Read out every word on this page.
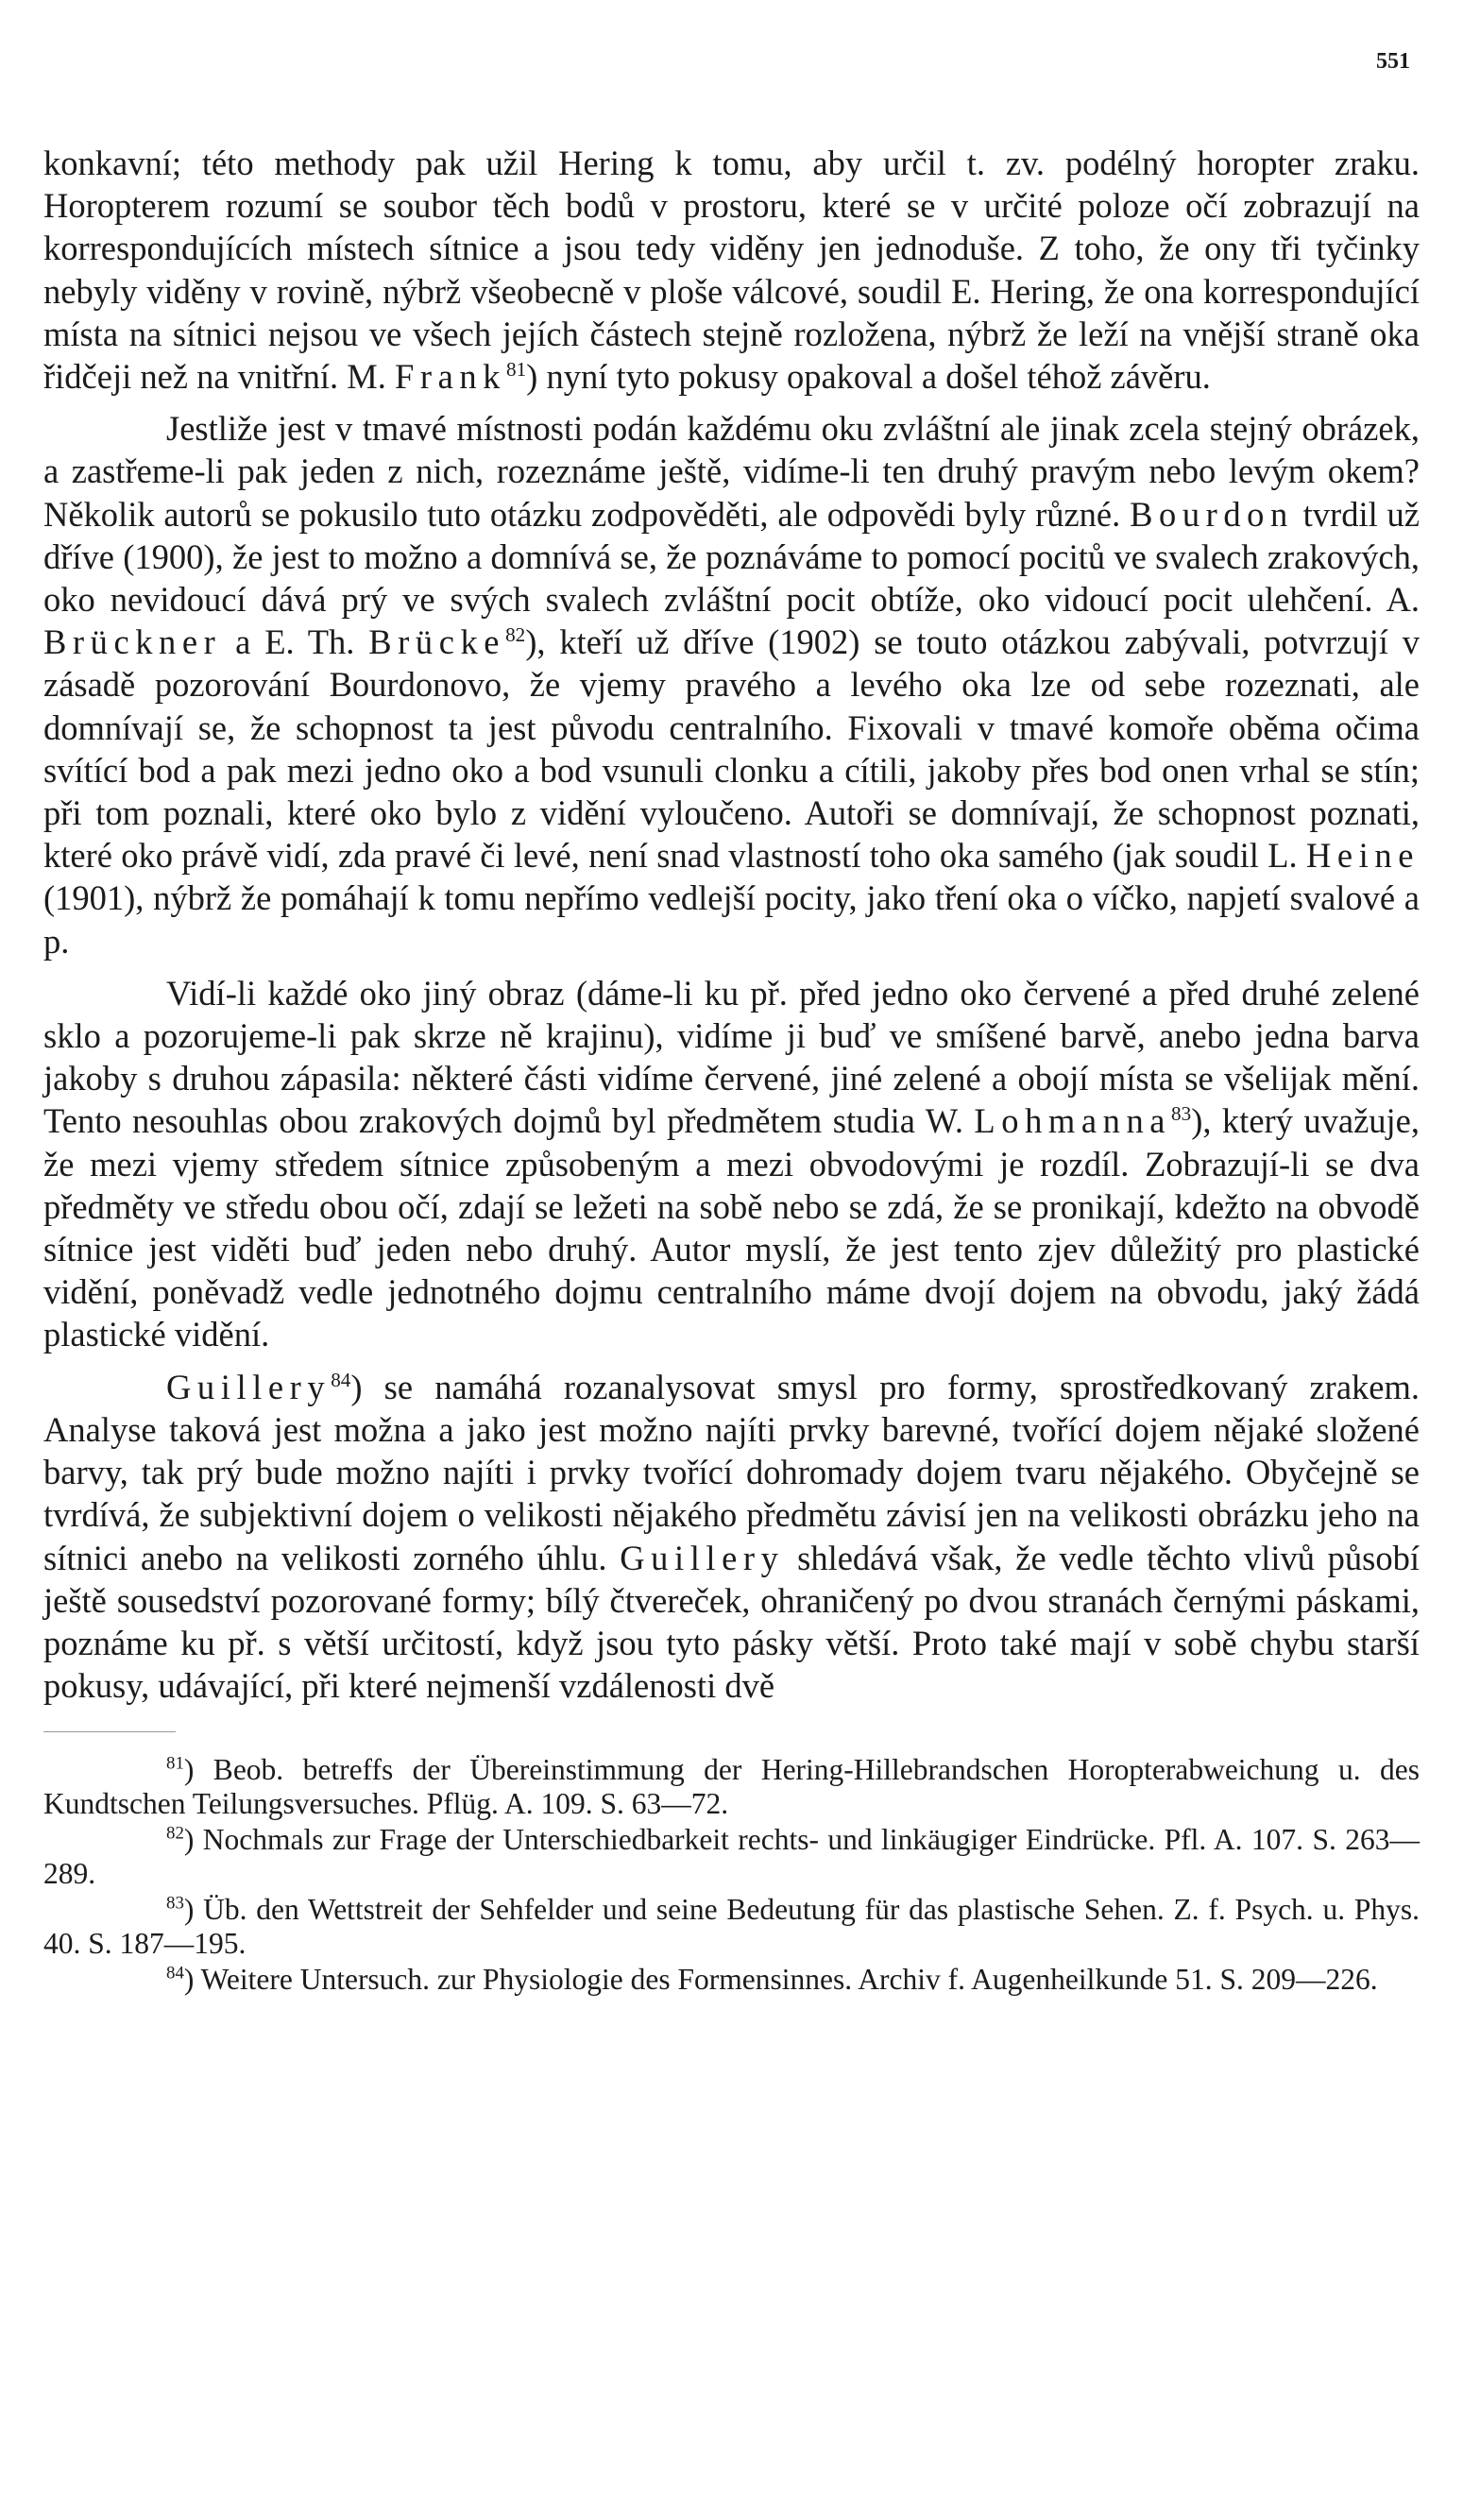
551

konkavní; této methody pak užil Hering k tomu, aby určil t. zv. podélný horopter zraku. Horopterem rozumí se soubor těch bodů v prostoru, které se v určité poloze očí zobrazují na korrespondujících místech sítnice a jsou tedy viděny jen jednoduše. Z toho, že ony tři tyčinky nebyly viděny v rovině, nýbrž všeobecně v ploše válcové, soudil E. Hering, že ona korrespondující místa na sítnici nejsou ve všech jejích částech stejně rozložena, nýbrž že leží na vnější straně oka řidčeji než na vnitřní. M. Frank$^{81}$) nyní tyto pokusy opakoval a došel téhož závěru.

Jestliže jest v tmavé místnosti podán každému oku zvláštní ale jinak zcela stejný obrázek, a zastřeme-li pak jeden z nich, rozeznáme ještě, vidíme-li ten druhý pravým nebo levým okem? Několik autorů se pokusilo tuto otázku zodpověděti, ale odpovědi byly různé. Bourdon tvrdil už dříve (1900), že jest to možno a domnívá se, že poznáváme to pomocí pocitů ve svalech zrakových, oko nevidoucí dává prý ve svých svalech zvláštní pocit obtíže, oko vidoucí pocit ulehčení. A. Brückner a E. Th. Brücke$^{82}$), kteří už dříve (1902) se touto otázkou zabývali, potvrzují v zásadě pozorování Bourdonovo, že vjemy pravého a levého oka lze od sebe rozeznati, ale domnívají se, že schopnost ta jest původu centralního. Fixovali v tmavé komoře oběma očima svítící bod a pak mezi jedno oko a bod vsunuli clonku a cítili, jakoby přes bod onen vrhal se stín; při tom poznali, které oko bylo z vidění vyloučeno. Autoři se domnívají, že schopnost poznati, které oko právě vidí, zda pravé či levé, není snad vlastností toho oka samého (jak soudil L. Heine (1901), nýbrž že pomáhají k tomu nepřímo vedlejší pocity, jako tření oka o víčko, napjetí svalové a p.

Vidí-li každé oko jiný obraz (dáme-li ku př. před jedno oko červené a před druhé zelené sklo a pozorujeme-li pak skrze ně krajinu), vidíme ji buď ve smíšené barvě, anebo jedna barva jakoby s druhou zápasila: některé části vidíme červené, jiné zelené a obojí místa se všelijak mění. Tento nesouhlas obou zrakových dojmů byl předmětem studia W. Lohmanna$^{83}$), který uvažuje, že mezi vjemy středem sítnice způsobeným a mezi obvodovými je rozdíl. Zobrazují-li se dva předměty ve středu obou očí, zdají se ležeti na sobě nebo se zdá, že se pronikají, kdežto na obvodě sítnice jest viděti buď jeden nebo druhý. Autor myslí, že jest tento zjev důležitý pro plastické vidění, poněvadž vedle jednotného dojmu centralního máme dvojí dojem na obvodu, jaký žádá plastické vidění.

Guillery$^{84}$) se namáhá rozanalysovat smysl pro formy, sprostředkovaný zrakem. Analyse taková jest možna a jako jest možno najíti prvky barevné, tvořící dojem nějaké složené barvy, tak prý bude možno najíti i prvky tvořící dohromady dojem tvaru nějakého. Obyčejně se tvrdívá, že subjektivní dojem o velikosti nějakého předmětu závisí jen na velikosti obrázku jeho na sítnici anebo na velikosti zorného úhlu. Guillery shledává však, že vedle těchto vlivů působí ještě sousedství pozorované formy; bílý čtvereček, ohraničený po dvou stranách černými páskami, poznáme ku př. s větší určitostí, když jsou tyto pásky větší. Proto také mají v sobě chybu starší pokusy, udávající, při které nejmenší vzdálenosti dvě

$^{81}$) Beob. betreffs der Übereinstimmung der Hering-Hillebrandschen Horopterabweichung u. des Kundtschen Teilungsversuches. Pflüg. A. 109. S. 63—72.

$^{82}$) Nochmals zur Frage der Unterschiedbarkeit rechts- und linkäugiger Eindrücke. Pfl. A. 107. S. 263—289.

$^{83}$) Üb. den Wettstreit der Sehfelder und seine Bedeutung für das plastische Sehen. Z. f. Psych. u. Phys. 40. S. 187—195.

$^{84}$) Weitere Untersuch. zur Physiologie des Formensinnes. Archiv f. Augenheilkunde 51. S. 209—226.
